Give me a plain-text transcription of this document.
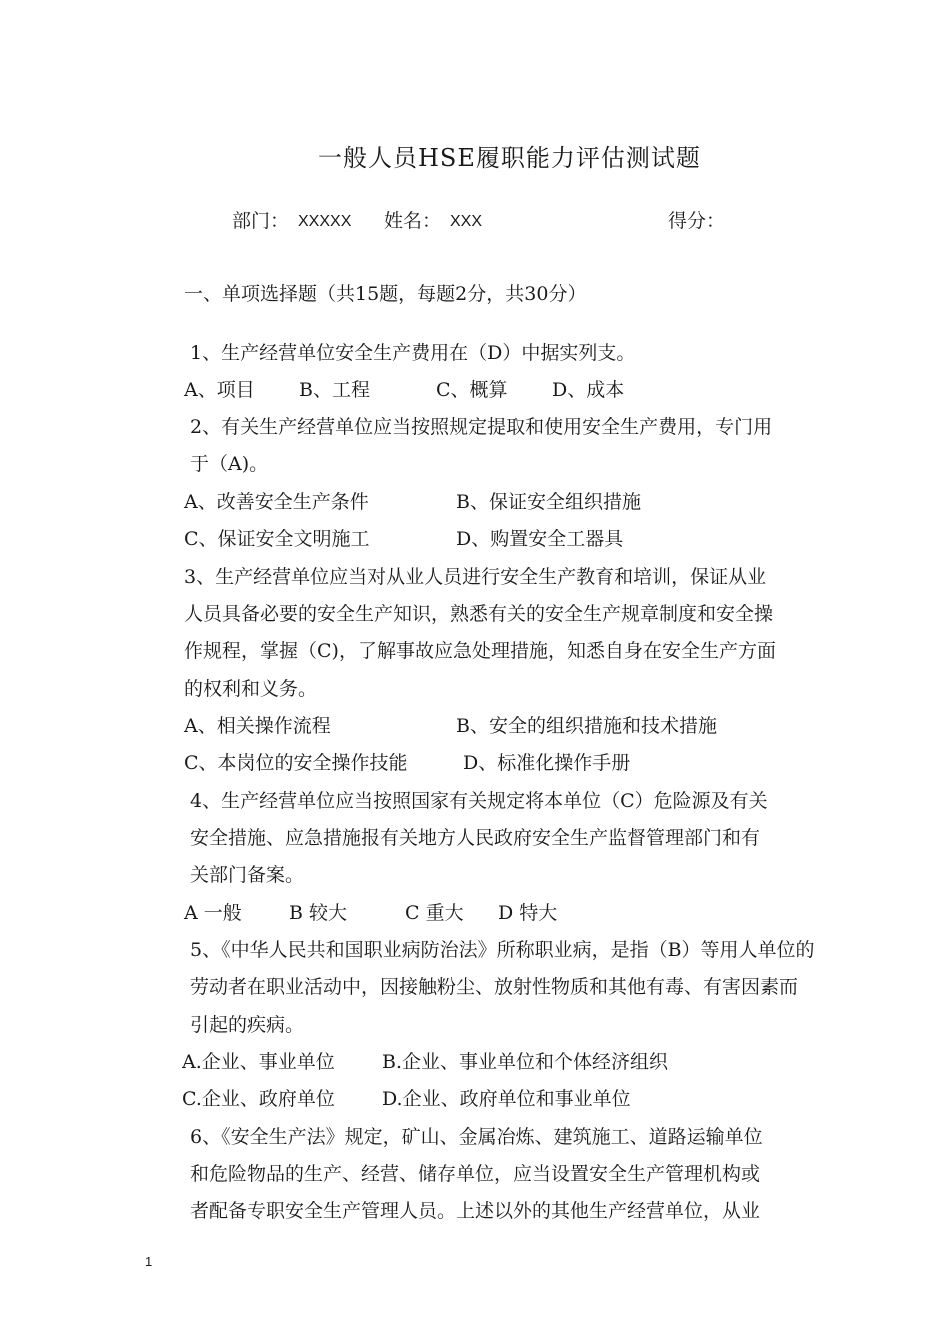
一般人员HSE履职能力评估测试题
部门： XXXXX 姓名： XXX	得分：
一、单项选择题（共15题，每题2分，共30分）
1、生产经营单位安全生产费用在（D）中据实列支。
A、项目 B、工程	C、概算 D、成本
2、有关生产经营单位应当按照规定提取和使用安全生产费用，专门用
于（A)。
A、改善安全生产条件	B、保证安全组织措施
C、保证安全文明施工	D、购置安全工器具
3、生产经营单位应当对从业人员进行安全生产教育和培训，保证从业
人员具备必要的安全生产知识，熟悉有关的安全生产规章制度和安全操
作规程，掌握（C)，了解事故应急处理措施，知悉自身在安全生产方面
的权利和义务。
A、相关操作流程	B、安全的组织措施和技术措施
C、本岗位的安全操作技能	D、标准化操作手册
4、生产经营单位应当按照国家有关规定将本单位（C）危险源及有关
安全措施、应急措施报有关地方人民政府安全生产监督管理部门和有
关部门备案。
A 一般 B 较大	C 重大 D 特大
5、《中华人民共和国职业病防治法》所称职业病，是指（B）等用人单位的
劳动者在职业活动中，因接触粉尘、放射性物质和其他有毒、有害因素而
引起的疾病。
A.企业、事业单位 B.企业、事业单位和个体经济组织
C.企业、政府单位 D.企业、政府单位和事业单位
6、《安全生产法》规定，矿山、金属冶炼、建筑施工、道路运输单位
和危险物品的生产、经营、储存单位，应当设置安全生产管理机构或
者配备专职安全生产管理人员。上述以外的其他生产经营单位，从业
1
